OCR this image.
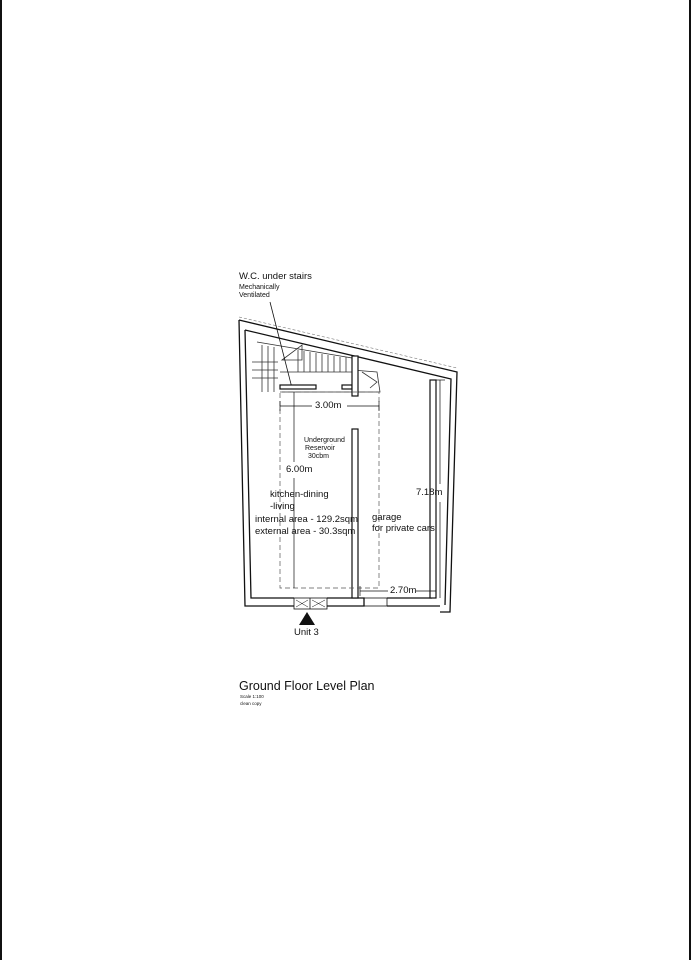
W.C. under stairs
Mechanically
Ventilated
3.00m
Underground
Reservoir
30cbm
6.00m
kitchen-dining
-living
internal area - 129.2sqm
external area - 30.3sqm
garage
for private cars
7.18m
2.70m
Unit 3
Ground Floor Level Plan
Scale 1:100
clean copy
